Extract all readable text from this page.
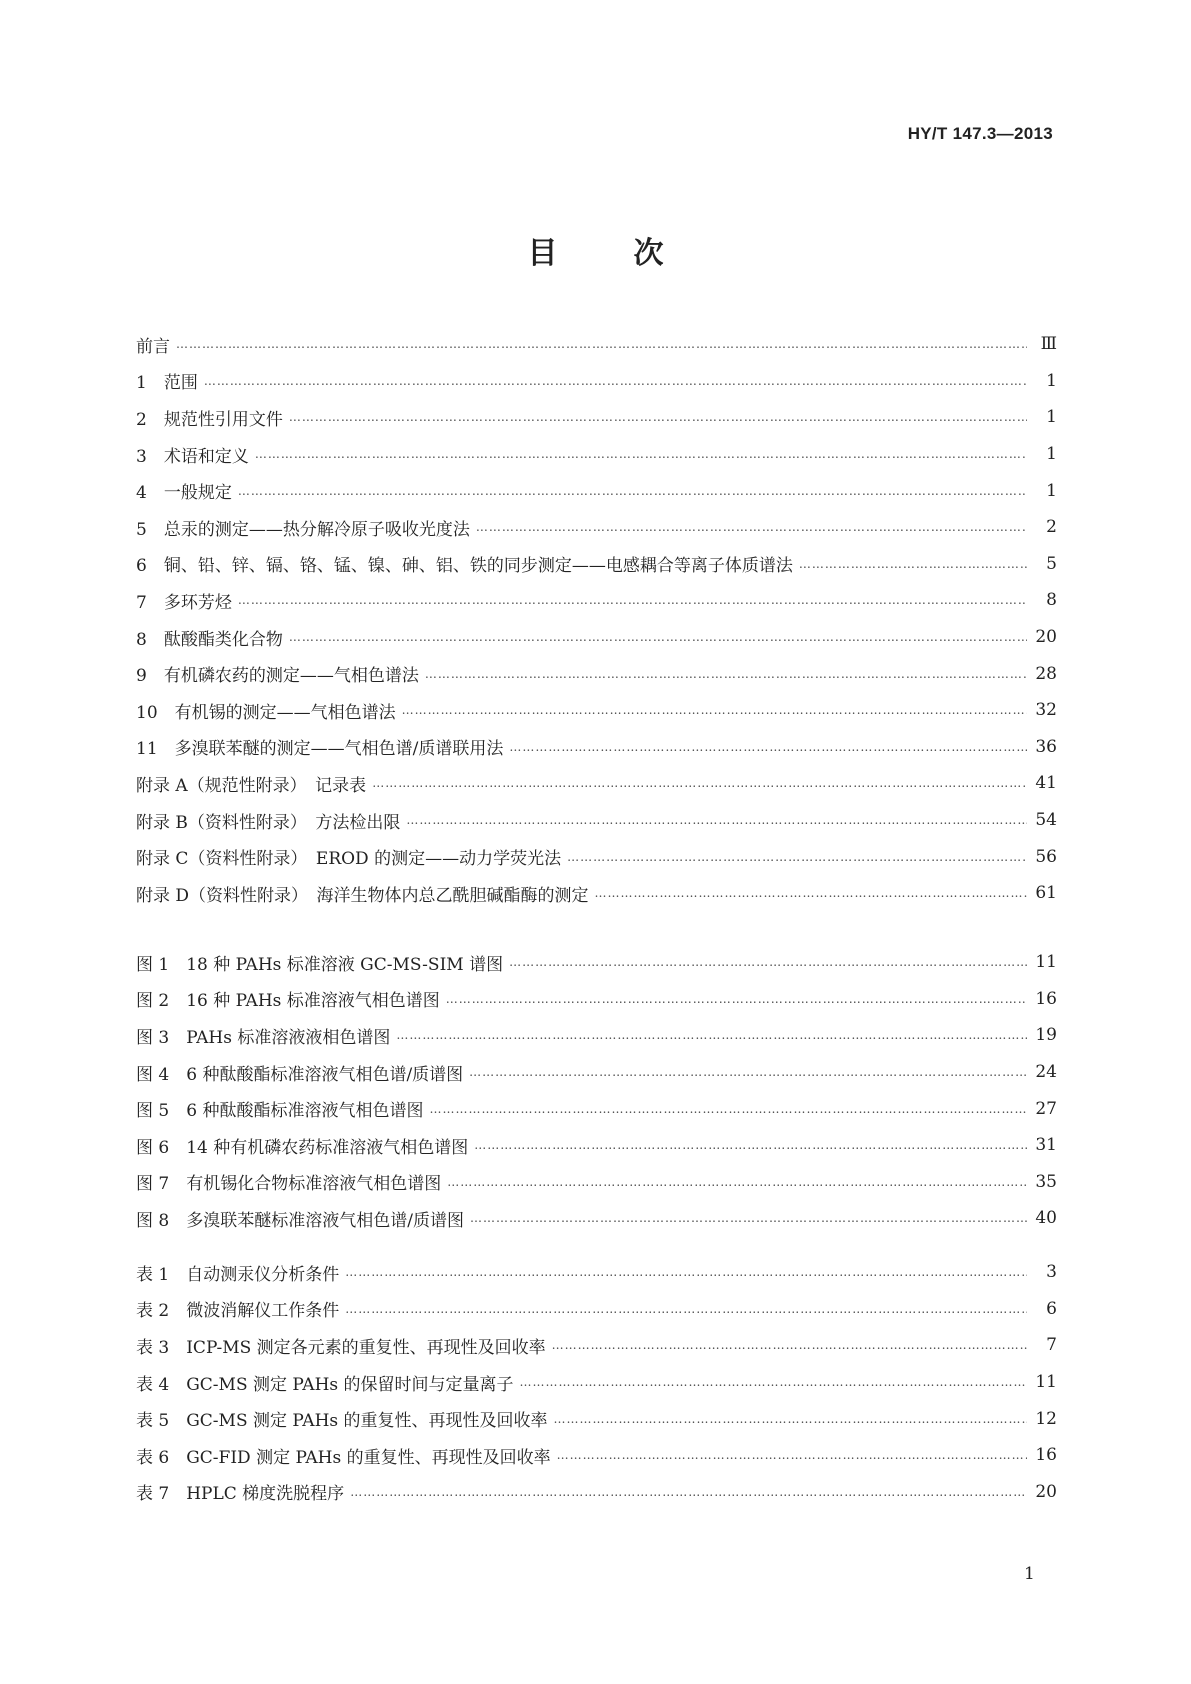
HY/T 147.3—2013
目	次
前言 ……………………………………………………………………………………………………………………………………………………………………………………………………………………………	Ⅲ
1　范围 ……………………………………………………………………………………………………………………………………………………………………………………………………………………………	1
2　规范性引用文件 ……………………………………………………………………………………………………………………………………………………………………………………………………………………………	1
3　术语和定义 ……………………………………………………………………………………………………………………………………………………………………………………………………………………………	1
4　一般规定 ……………………………………………………………………………………………………………………………………………………………………………………………………………………………	1
5　总汞的测定——热分解冷原子吸收光度法 ……………………………………………………………………………………………………………………………………………………………………………………………………………………………	2
6　铜、铅、锌、镉、铬、锰、镍、砷、铝、铁的同步测定——电感耦合等离子体质谱法 ……………………………………………………………………………………………………………………………………………………………………………………………………………………………	5
7　多环芳烃 ……………………………………………………………………………………………………………………………………………………………………………………………………………………………	8
8　酞酸酯类化合物 ……………………………………………………………………………………………………………………………………………………………………………………………………………………………	20
9　有机磷农药的测定——气相色谱法 ……………………………………………………………………………………………………………………………………………………………………………………………………………………………	28
10　有机锡的测定——气相色谱法 ……………………………………………………………………………………………………………………………………………………………………………………………………………………………	32
11　多溴联苯醚的测定——气相色谱/质谱联用法 ……………………………………………………………………………………………………………………………………………………………………………………………………………………………	36
附录 A（规范性附录）　记录表 ……………………………………………………………………………………………………………………………………………………………………………………………………………………………	41
附录 B（资料性附录）　方法检出限 ……………………………………………………………………………………………………………………………………………………………………………………………………………………………	54
附录 C（资料性附录）　EROD 的测定——动力学荧光法 ……………………………………………………………………………………………………………………………………………………………………………………………………………………………	56
附录 D（资料性附录）　海洋生物体内总乙酰胆碱酯酶的测定 ……………………………………………………………………………………………………………………………………………………………………………………………………………………………	61
图 1　18 种 PAHs 标准溶液 GC-MS-SIM 谱图 ……………………………………………………………………………………………………………………………………………………………………………………………………………………………	11
图 2　16 种 PAHs 标准溶液气相色谱图 ……………………………………………………………………………………………………………………………………………………………………………………………………………………………	16
图 3　PAHs 标准溶液液相色谱图 ……………………………………………………………………………………………………………………………………………………………………………………………………………………………	19
图 4　6 种酞酸酯标准溶液气相色谱/质谱图 ……………………………………………………………………………………………………………………………………………………………………………………………………………………………	24
图 5　6 种酞酸酯标准溶液气相色谱图 ……………………………………………………………………………………………………………………………………………………………………………………………………………………………	27
图 6　14 种有机磷农药标准溶液气相色谱图 ……………………………………………………………………………………………………………………………………………………………………………………………………………………………	31
图 7　有机锡化合物标准溶液气相色谱图 ……………………………………………………………………………………………………………………………………………………………………………………………………………………………	35
图 8　多溴联苯醚标准溶液气相色谱/质谱图 ……………………………………………………………………………………………………………………………………………………………………………………………………………………………	40
表 1　自动测汞仪分析条件 ……………………………………………………………………………………………………………………………………………………………………………………………………………………………	3
表 2　微波消解仪工作条件 ……………………………………………………………………………………………………………………………………………………………………………………………………………………………	6
表 3　ICP-MS 测定各元素的重复性、再现性及回收率 ……………………………………………………………………………………………………………………………………………………………………………………………………………………………	7
表 4　GC-MS 测定 PAHs 的保留时间与定量离子 ……………………………………………………………………………………………………………………………………………………………………………………………………………………………	11
表 5　GC-MS 测定 PAHs 的重复性、再现性及回收率 ……………………………………………………………………………………………………………………………………………………………………………………………………………………………	12
表 6　GC-FID 测定 PAHs 的重复性、再现性及回收率 ……………………………………………………………………………………………………………………………………………………………………………………………………………………………	16
表 7　HPLC 梯度洗脱程序 ……………………………………………………………………………………………………………………………………………………………………………………………………………………………	20
1
